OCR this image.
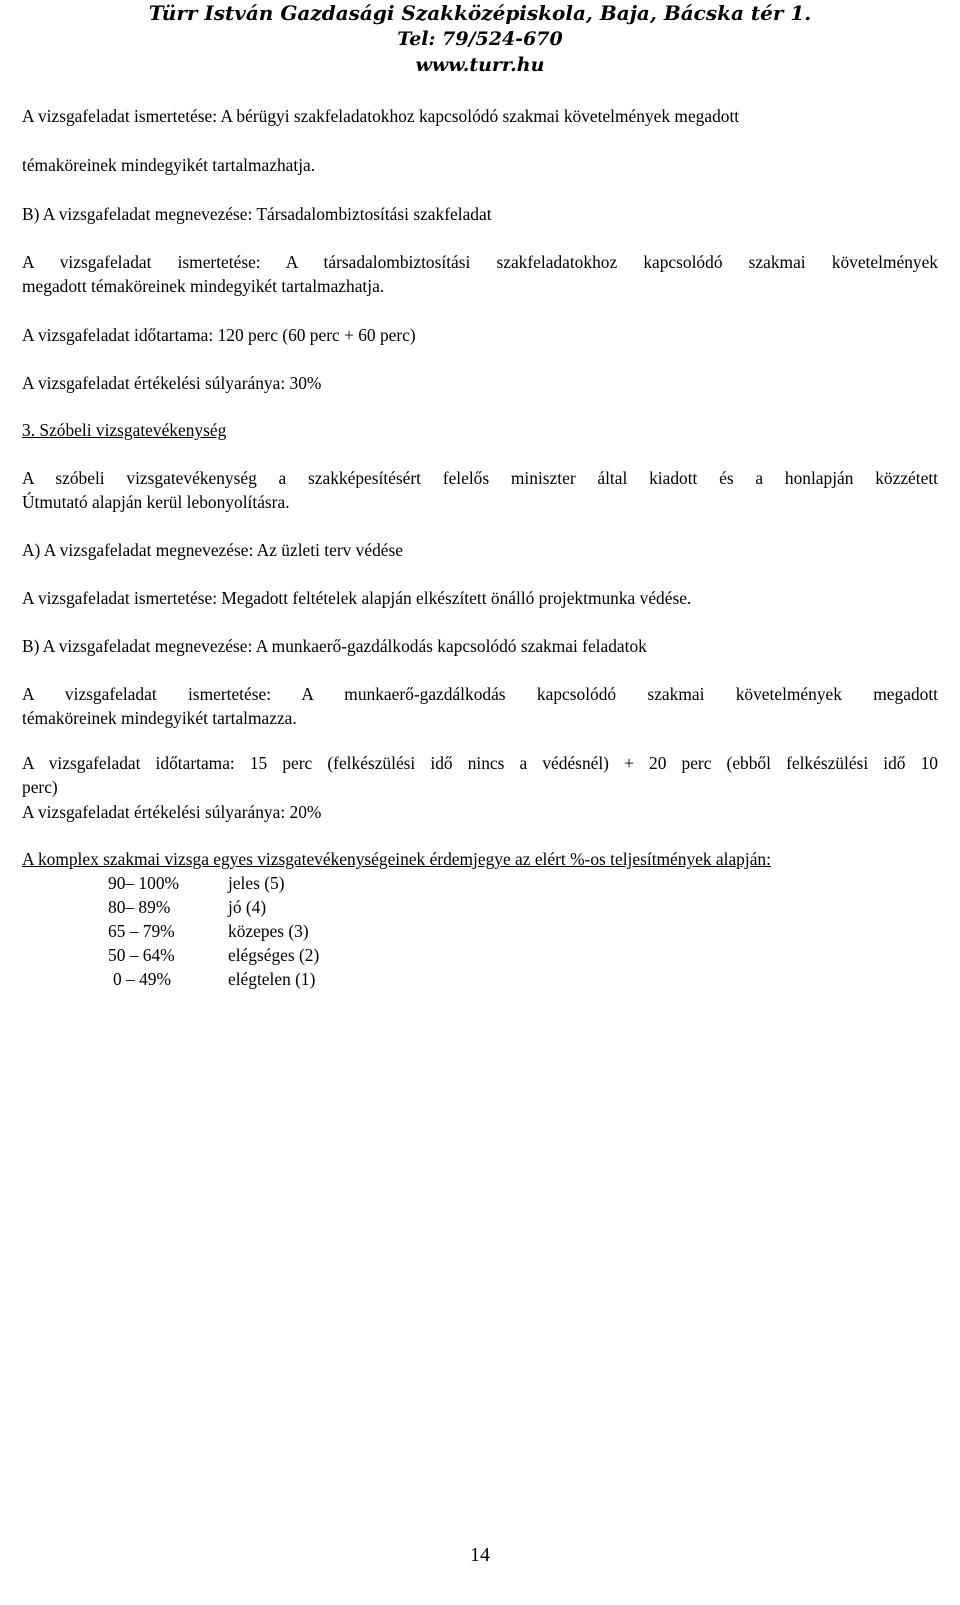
Türr István Gazdasági Szakközépiskola, Baja, Bácska tér 1.
Tel: 79/524-670
www.turr.hu

A vizsgafeladat ismertetése: A bérügyi szakfeladatokhoz kapcsolódó szakmai követelmények megadott

témaköreinek mindegyikét tartalmazhatja.

B) A vizsgafeladat megnevezése: Társadalombiztosítási szakfeladat

A vizsgafeladat ismertetése: A társadalombiztosítási szakfeladatokhoz kapcsolódó szakmai követelmények

megadott témaköreinek mindegyikét tartalmazhatja.

A vizsgafeladat időtartama: 120 perc (60 perc + 60 perc)

A vizsgafeladat értékelési súlyaránya: 30%

3. Szóbeli vizsgatevékenység

A szóbeli vizsgatevékenység a szakképesítésért felelős miniszter által kiadott és a honlapján közzétett

Útmutató alapján kerül lebonyolításra.

A) A vizsgafeladat megnevezése: Az üzleti terv védése

A vizsgafeladat ismertetése: Megadott feltételek alapján elkészített önálló projektmunka védése.

B) A vizsgafeladat megnevezése: A munkaerő-gazdálkodás kapcsolódó szakmai feladatok

A vizsgafeladat ismertetése: A munkaerő-gazdálkodás kapcsolódó szakmai követelmények megadott

témaköreinek mindegyikét tartalmazza.

A vizsgafeladat időtartama: 15 perc (felkészülési idő nincs a védésnél) + 20 perc (ebből felkészülési idő 10

perc)

A vizsgafeladat értékelési súlyaránya: 20%

A komplex szakmai vizsga egyes vizsgatevékenységeinek érdemjegye az elért %-os teljesítmények alapján:

90– 100%	jeles (5)
80– 89%	jó (4)
65 – 79%	közepes (3)
50 – 64%	elégséges (2)
0 – 49%	elégtelen (1)
14
